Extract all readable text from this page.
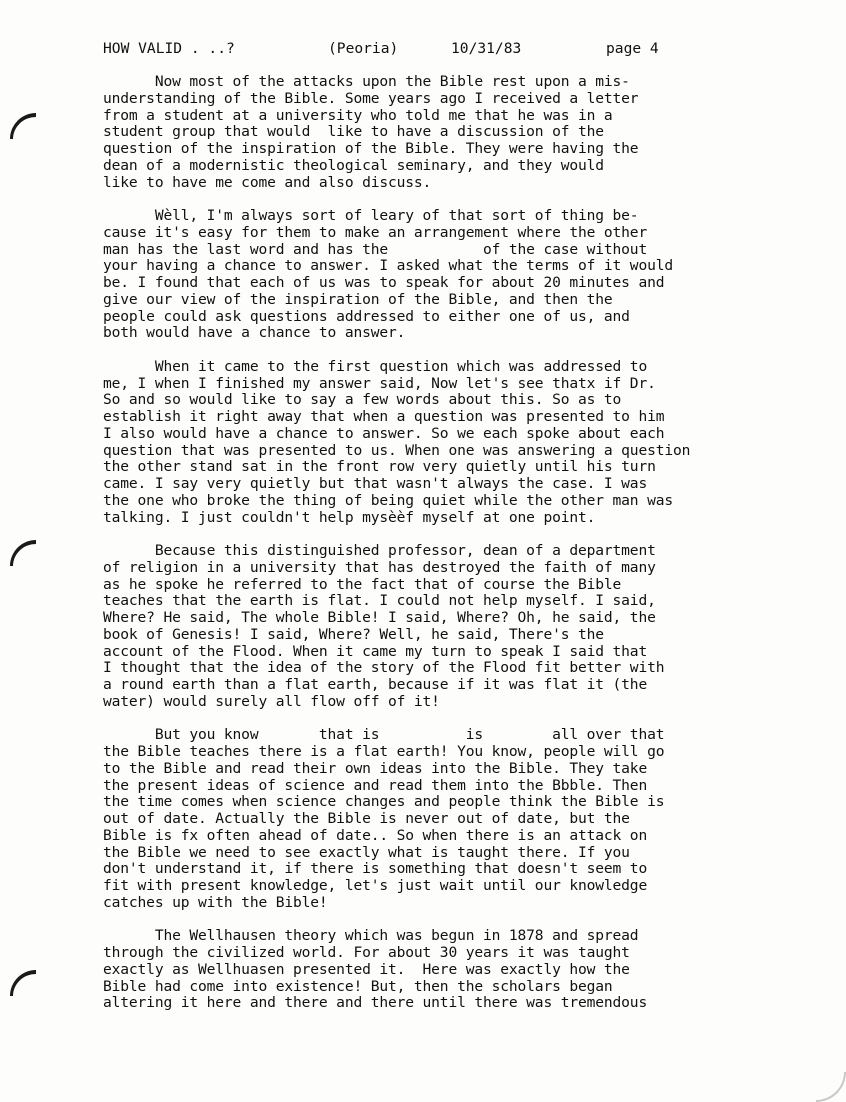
HOW VALID . ..?

	(Peoria)

	10/31/83

	page 4

Now most of the attacks upon the Bible rest upon a mis-
understanding of the Bible. Some years ago I received a letter
from a student at a university who told me that he was in a
student group that would  like to have a discussion of the
question of the inspiration of the Bible. They were having the
dean of a modernistic theological seminary, and they would
like to have me come and also discuss.
Wèll, I'm always sort of leary of that sort of thing be-
cause it's easy for them to make an arrangement where the other
man has the last word and has the           of the case without
your having a chance to answer. I asked what the terms of it would
be. I found that each of us was to speak for about 20 minutes and
give our view of the inspiration of the Bible, and then the
people could ask questions addressed to either one of us, and
both would have a chance to answer.
When it came to the first question which was addressed to
me, I when I finished my answer said, Now let's see thatx if Dr.
So and so would like to say a few words about this. So as to
establish it right away that when a question was presented to him
I also would have a chance to answer. So we each spoke about each
question that was presented to us. When one was answering a question
the other stand sat in the front row very quietly until his turn
came. I say very quietly but that wasn't always the case. I was
the one who broke the thing of being quiet while the other man was
talking. I just couldn't help mysèèf myself at one point.
Because this distinguished professor, dean of a department
of religion in a university that has destroyed the faith of many
as he spoke he referred to the fact that of course the Bible
teaches that the earth is flat. I could not help myself. I said,
Where? He said, The whole Bible! I said, Where? Oh, he said, the
book of Genesis! I said, Where? Well, he said, There's the
account of the Flood. When it came my turn to speak I said that
I thought that the idea of the story of the Flood fit better with
a round earth than a flat earth, because if it was flat it (the
water) would surely all flow off of it!
But you know       that is          is        all over that
the Bible teaches there is a flat earth! You know, people will go
to the Bible and read their own ideas into the Bible. They take
the present ideas of science and read them into the Bbble. Then
the time comes when science changes and people think the Bible is
out of date. Actually the Bible is never out of date, but the
Bible is fx often ahead of date.. So when there is an attack on
the Bible we need to see exactly what is taught there. If you
don't understand it, if there is something that doesn't seem to
fit with present knowledge, let's just wait until our knowledge
catches up with the Bible!
The Wellhausen theory which was begun in 1878 and spread
through the civilized world. For about 30 years it was taught
exactly as Wellhuasen presented it.  Here was exactly how the
Bible had come into existence! But, then the scholars began
altering it here and there and there until there was tremendous
